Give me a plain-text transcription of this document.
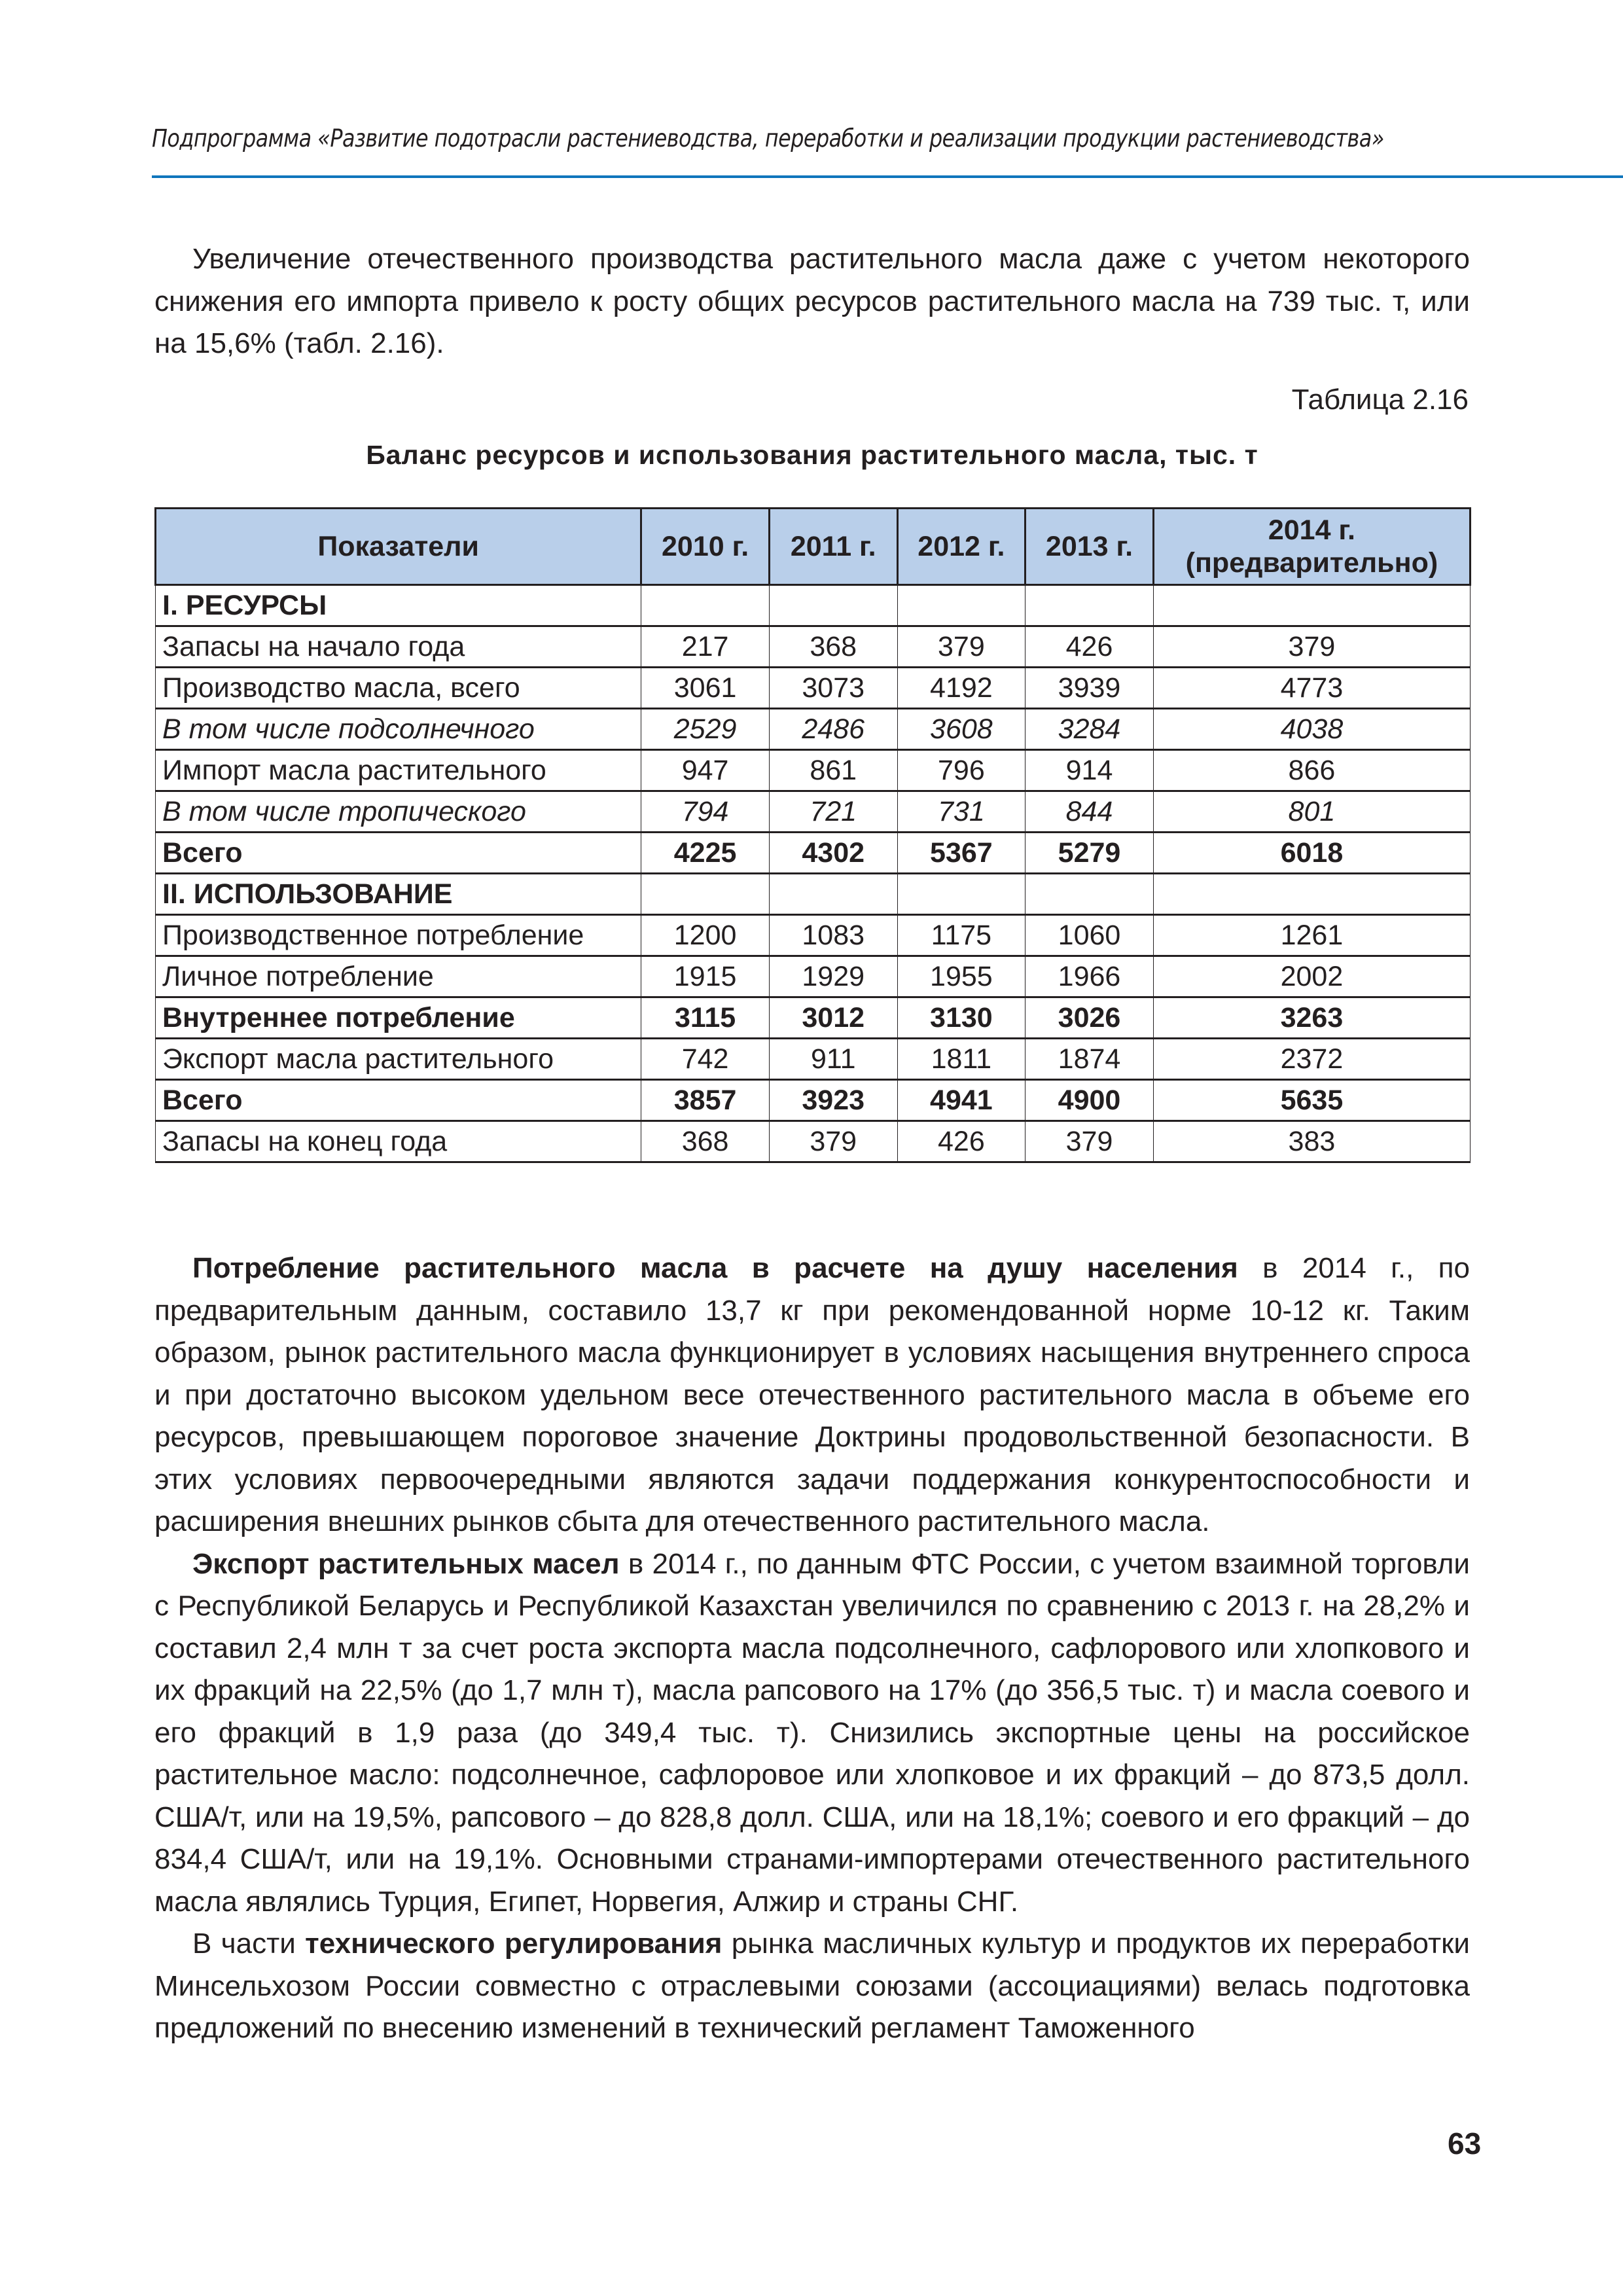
Подпрограмма «Развитие подотрасли растениеводства, переработки и реализации продукции растениеводства»

Увеличение отечественного производства растительного масла даже с учетом некоторого снижения его импорта привело к росту общих ресурсов растительного масла на 739 тыс. т, или на 15,6% (табл. 2.16).

Таблица 2.16
Баланс ресурсов и использования растительного масла, тыс. т
Показатели	2010 г.	2011 г.	2012 г.	2013 г.	2014 г.
(предварительно)
I. РЕСУРСЫ					
Запасы на начало года	217	368	379	426	379
Производство масла, всего	3061	3073	4192	3939	4773
В том числе подсолнечного	2529	2486	3608	3284	4038
Импорт масла растительного	947	861	796	914	866
В том числе тропического	794	721	731	844	801
Всего	4225	4302	5367	5279	6018
II. ИСПОЛЬЗОВАНИЕ					
Производственное потребление	1200	1083	1175	1060	1261
Личное потребление	1915	1929	1955	1966	2002
Внутреннее потребление	3115	3012	3130	3026	3263
Экспорт масла растительного	742	911	1811	1874	2372
Всего	3857	3923	4941	4900	5635
Запасы на конец года	368	379	426	379	383

Потребление растительного масла в расчете на душу населения в 2014 г., по предварительным данным, составило 13,7 кг при рекомендованной норме 10-12 кг. Таким образом, рынок растительного масла функционирует в условиях насыщения внутреннего спроса и при достаточно высоком удельном весе отечественного растительного масла в объеме его ресурсов, превышающем пороговое значение Доктрины продовольственной безопасности. В этих условиях первоочередными являются задачи поддержания конкурентоспособности и расширения внешних рынков сбыта для отечественного растительного масла.

Экспорт растительных масел в 2014 г., по данным ФТС России, с учетом взаимной торговли с Республикой Беларусь и Республикой Казахстан увеличился по сравнению с 2013 г. на 28,2% и составил 2,4 млн т за счет роста экспорта масла подсолнечного, сафлорового или хлопкового и их фракций на 22,5% (до 1,7 млн т), масла рапсового на 17% (до 356,5 тыс. т) и масла соевого и его фракций в 1,9 раза (до 349,4 тыс. т). Снизились экспортные цены на российское растительное масло: подсолнечное, сафлоровое или хлопковое и их фракций – до 873,5 долл. США/т, или на 19,5%, рапсового – до 828,8 долл. США, или на 18,1%; соевого и его фракций – до 834,4 США/т, или на 19,1%. Основными странами-импортерами отечественного растительного масла являлись Турция, Египет, Норвегия, Алжир и страны СНГ.

В части технического регулирования рынка масличных культур и продуктов их переработки Минсельхозом России совместно с отраслевыми союзами (ассоциациями) велась подготовка предложений по внесению изменений в технический регламент Таможенного

63
